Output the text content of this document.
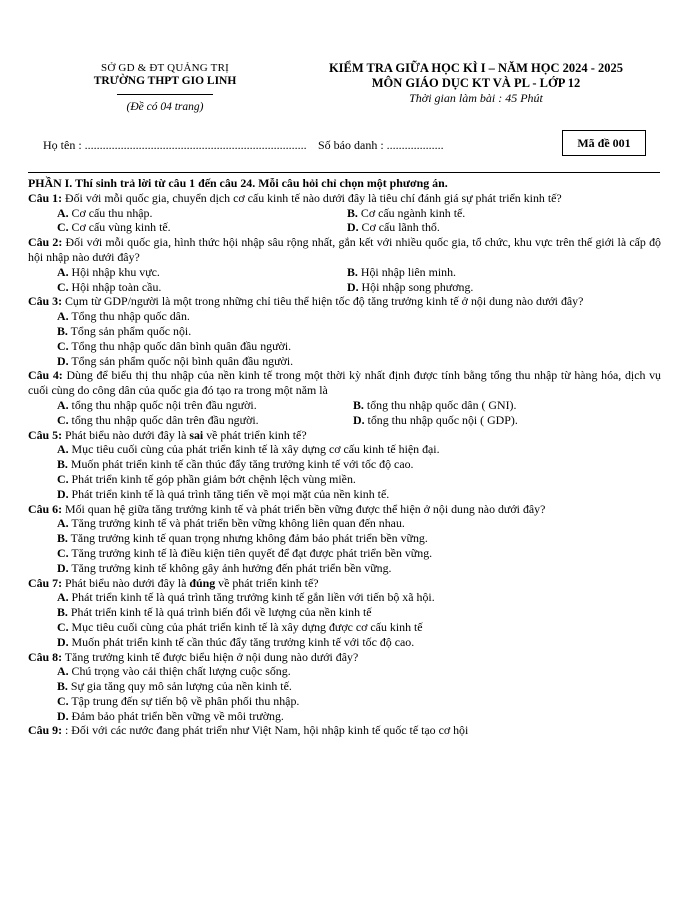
SỞ GD & ĐT QUẢNG TRỊ
TRƯỜNG THPT GIO LINH
(Đề có 04 trang)
KIỂM TRA GIỮA HỌC KÌ I – NĂM HỌC 2024 - 2025
MÔN GIÁO DỤC KT VÀ PL - LỚP 12
Thời gian làm bài : 45 Phút
Họ tên : .......................................................................... Số báo danh : ...................	Mã đề 001
PHẦN I. Thí sinh trả lời từ câu 1 đến câu 24. Mỗi câu hỏi chỉ chọn một phương án.

Câu 1: Đối với mỗi quốc gia, chuyển dịch cơ cấu kinh tế nào dưới đây là tiêu chí đánh giá sự phát triển kinh tế?

A. Cơ cấu thu nhập.	B. Cơ cấu ngành kinh tế.
C. Cơ cấu vùng kinh tế.	D. Cơ cấu lãnh thổ.

Câu 2: Đối với mỗi quốc gia, hình thức hội nhập sâu rộng nhất, gắn kết với nhiều quốc gia, tổ chức, khu vực trên thế giới là cấp độ hội nhập nào dưới đây?

A. Hội nhập khu vực.	B. Hội nhập liên minh.
C. Hội nhập toàn cầu.	D. Hội nhập song phương.

Câu 3: Cụm từ GDP/người là một trong những chỉ tiêu thể hiện tốc độ tăng trưởng kinh tế ở nội dung nào dưới đây?

A. Tổng thu nhập quốc dân.
B. Tổng sản phẩm quốc nội.
C. Tổng thu nhập quốc dân bình quân đầu người.
D. Tổng sản phẩm quốc nội bình quân đầu người.

Câu 4: Dùng để biểu thị thu nhập của nền kinh tế trong một thời kỳ nhất định được tính bằng tổng thu nhập từ hàng hóa, dịch vụ cuối cùng do công dân của quốc gia đó tạo ra trong một năm là

A. tổng thu nhập quốc nội trên đầu người.	B. tổng thu nhập quốc dân ( GNI).
C. tổng thu nhập quốc dân trên đầu người.	D. tổng thu nhập quốc nội ( GDP).

Câu 5: Phát biểu nào dưới đây là sai về phát triển kinh tế?

A. Mục tiêu cuối cùng của phát triển kinh tế là xây dựng cơ cấu kinh tế hiện đại.
B. Muốn phát triển kinh tế cần thúc đẩy tăng trưởng kinh tế với tốc độ cao.
C. Phát triển kinh tế góp phần giảm bớt chệnh lệch vùng miền.
D. Phát triển kinh tế là quá trình tăng tiến về mọi mặt của nền kinh tế.

Câu 6: Mối quan hệ giữa tăng trưởng kinh tế và phát triển bền vững được thể hiện ở nội dung nào dưới đây?

A. Tăng trưởng kinh tế và phát triển bền vững không liên quan đến nhau.
B. Tăng trưởng kinh tế quan trọng nhưng không đảm bảo phát triển bền vững.
C. Tăng trưởng kinh tế là điều kiện tiên quyết để đạt được phát triển bền vững.
D. Tăng trưởng kinh tế không gây ảnh hưởng đến phát triển bền vững.

Câu 7: Phát biểu nào dưới đây là đúng về phát triển kinh tế?

A. Phát triển kinh tế là quá trình tăng trưởng kinh tế gắn liền với tiến bộ xã hội.
B. Phát triển kinh tế là quá trình biến đổi về lượng của nền kinh tế
C. Mục tiêu cuối cùng của phát triển kinh tế là xây dựng được cơ cấu kinh tế
D. Muốn phát triển kinh tế cần thúc đẩy tăng trưởng kinh tế với tốc độ cao.

Câu 8: Tăng trưởng kinh tế được biểu hiện ở nội dung nào dưới đây?

A. Chú trọng vào cải thiện chất lượng cuộc sống.
B. Sự gia tăng quy mô sản lượng của nền kinh tế.
C. Tập trung đến sự tiến bộ về phân phối thu nhập.
D. Đảm bảo phát triển bền vững về môi trường.

Câu 9: : Đối với các nước đang phát triển như Việt Nam, hội nhập kinh tế quốc tế tạo cơ hội
